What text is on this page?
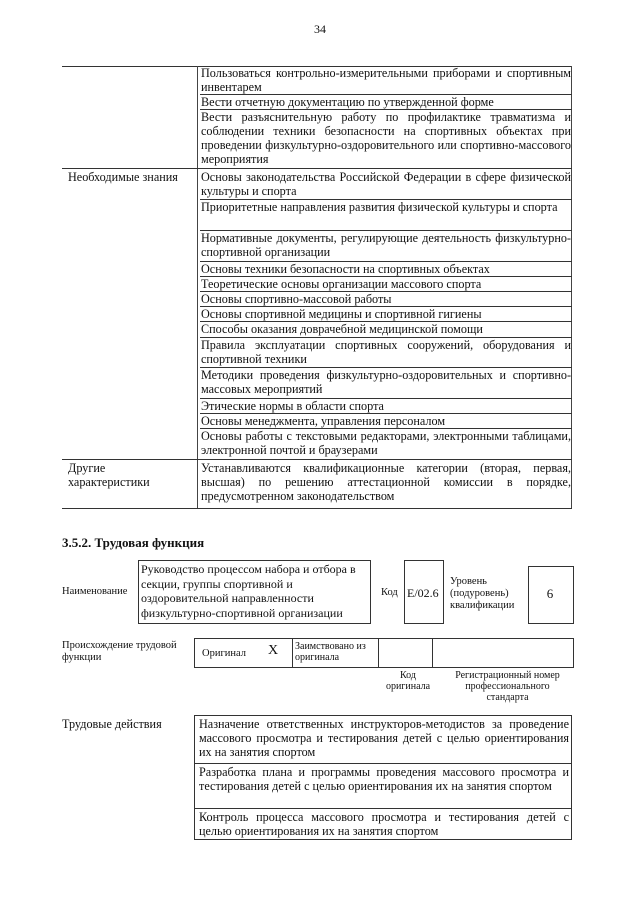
34
Пользоваться контрольно-измерительными приборами и спортивным инвентарем
Вести отчетную документацию по утвержденной форме
Вести разъяснительную работу по профилактике травматизма и соблюдении техники безопасности на спортивных объектах при проведении физкультурно-оздоровительного или спортивно-массового мероприятия
Необходимые знания Основы законодательства Российской Федерации в сфере физической культуры и спорта
Приоритетные направления развития физической культуры и спорта
Нормативные документы, регулирующие деятельность физкультурно-спортивной организации
Основы техники безопасности на спортивных объектах
Теоретические основы организации массового спорта
Основы спортивно-массовой работы
Основы спортивной медицины и спортивной гигиены
Способы оказания доврачебной медицинской помощи
Правила эксплуатации спортивных сооружений, оборудования и спортивной техники
Методики проведения физкультурно-оздоровительных и спортивно-массовых мероприятий
Этические нормы в области спорта
Основы менеджмента, управления персоналом
Основы работы с текстовыми редакторами, электронными таблицами, электронной почтой и браузерами
Другие характеристики
Устанавливаются квалификационные категории (вторая, первая, высшая) по решению аттестационной комиссии в порядке, предусмотренном законодательством
3.5.2. Трудовая функция
Наименование
Руководство процессом набора и отбора в секции, группы спортивной и оздоровительной направленности физкультурно-спортивной организации
Код E/02.6
Уровень (подуровень) квалификации
6
Происхождение трудовой функции	Оригинал X Заимствовано из оригинала
Код оригинала
Регистрационный номер профессионального стандарта
Трудовые действия	Назначение ответственных инструкторов-методистов за проведение массового просмотра и тестирования детей с целью ориентирования их на занятия спортом
Разработка плана и программы проведения массового просмотра и тестирования детей с целью ориентирования их на занятия спортом
Контроль процесса массового просмотра и тестирования детей с целью ориентирования их на занятия спортом
